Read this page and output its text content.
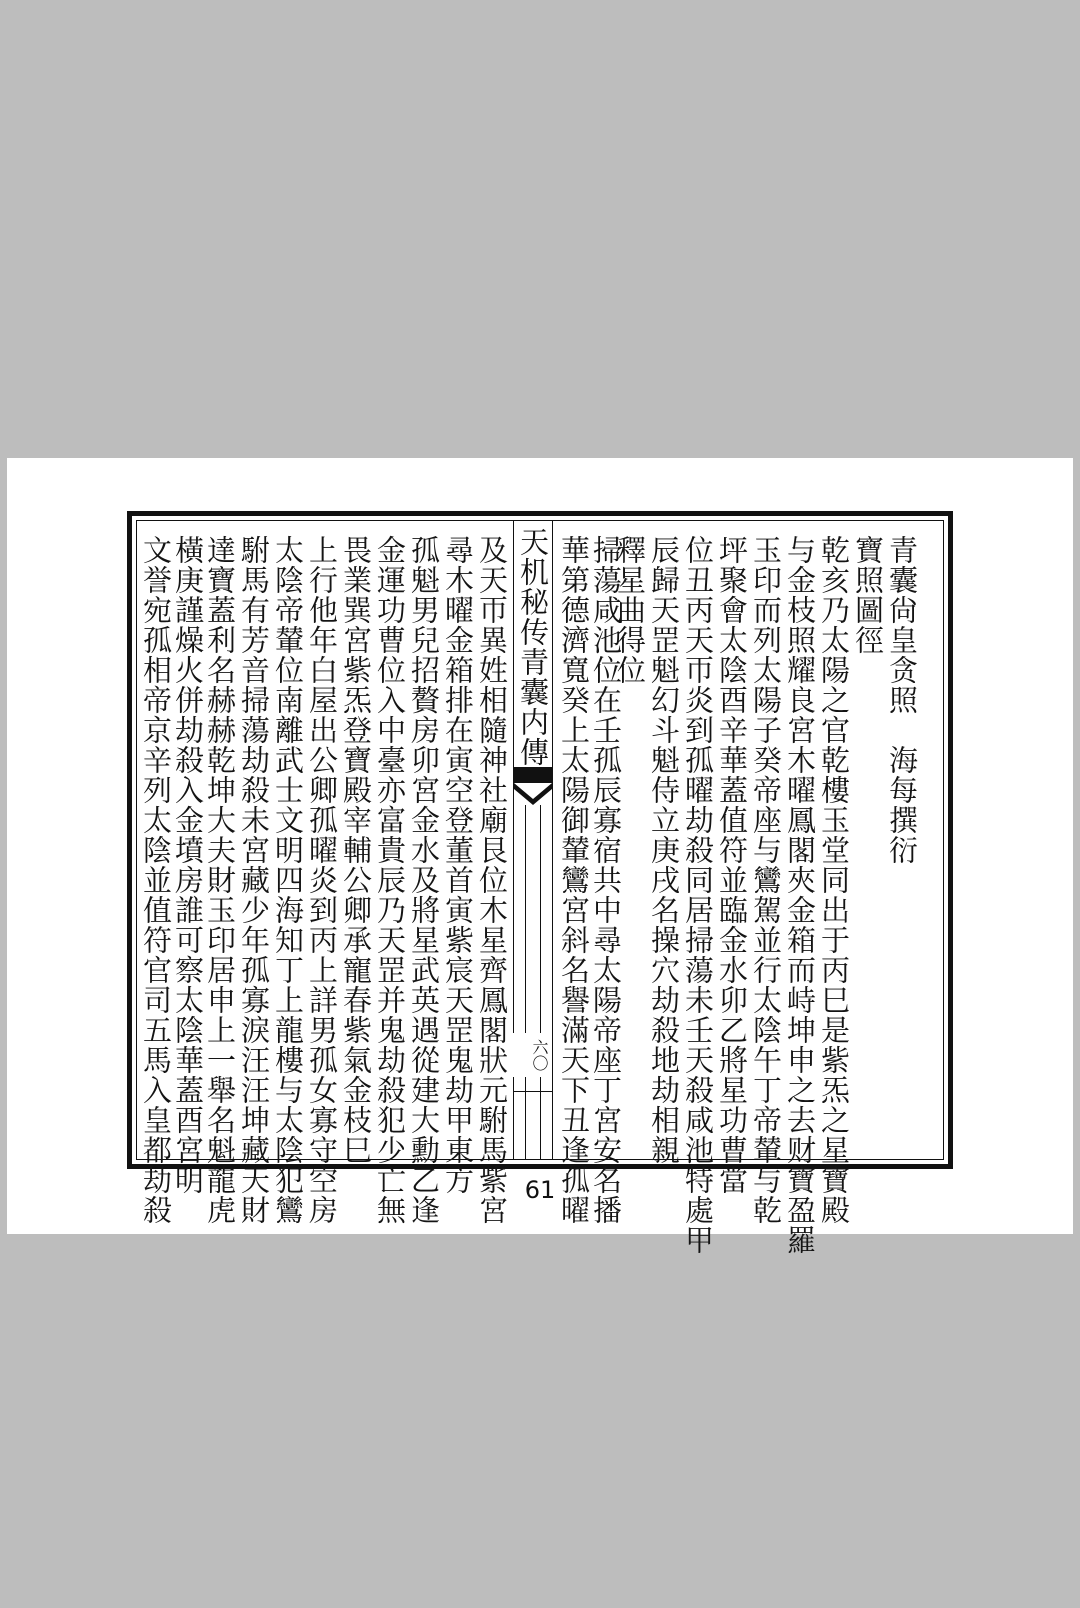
青囊尙皇贪照　海每撰衍
寶照圖徑
乾亥乃太陽之官乾樓玉堂同出于丙巳是紫炁之星寶殿
与金枝照耀良宮木曜鳳閣夾金箱而峙坤申之去财寶盈羅
玉印而列太陽子癸帝座与鸞駕並行太陰午丁帝輦与乾
坪聚會太陰酉辛華蓋值符並臨金水卯乙將星功曹當
位丑丙天帀炎到孤曜劫殺同居掃蕩未壬天殺咸池特處甲
辰歸天罡魁幻斗魁侍立庚戌名操穴劫殺地劫相親
釋星曲得位
掃蕩咸池位在壬孤辰寡宿共中尋太陽帝座丁宮安名播
華第德濟寬癸上太陽御輦鸞宮斜名譽滿天下丑逢孤曜
天机秘传青囊内傳
六〇
及天帀異姓相隨神社廟艮位木星齊鳳閣狀元駙馬紫宮
尋木曜金箱排在寅空登董首寅紫宸天罡鬼劫甲東方
孤魁男兒招贅房卯宮金水及將星武英遇從建大勳乙逢
金運功曹位入中臺亦富貴辰乃天罡并鬼劫殺犯少亡無
畏業巽宮紫炁登寶殿宰輔公卿承寵春紫氣金枝巳
上行他年白屋出公卿孤曜炎到丙上詳男孤女寡守空房
太陰帝輦位南離武士文明四海知丁上龍樓与太陰犯鸞
駙馬有芳音掃蕩劫殺未宮藏少年孤寡淚汪汪坤藏天財
達寶蓋利名赫赫乾坤大夫財玉印居申上一舉名魁龍虎
橫庚謹燥火併劫殺入金墳房誰可察太陰華蓋酉宮明
文誉宛孤相帝京辛列太陰並值符官司五馬入皇都劫殺	61
